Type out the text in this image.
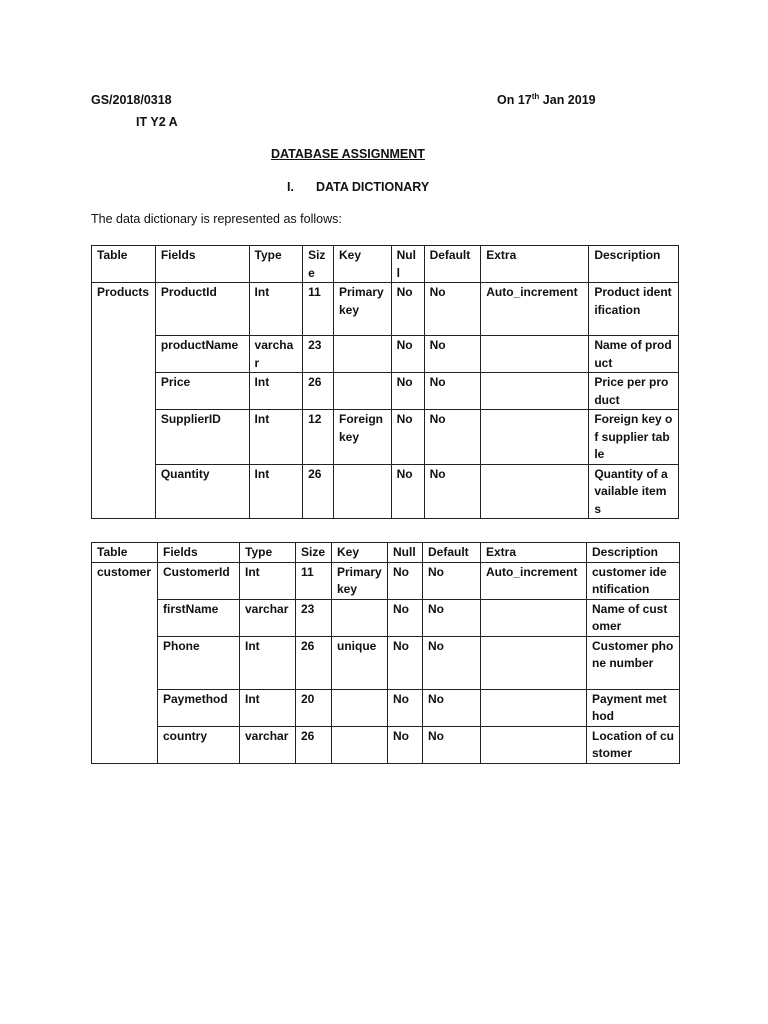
GS/2018/0318	On 17th Jan 2019
IT Y2 A
DATABASE ASSIGNMENT
I. DATA DICTIONARY
The data dictionary is represented as follows:
Table	Fields	Type	Size	Key	Null	Default	Extra	Description
Products	ProductId	Int	11	Primary key	No	No	Auto_increment	Product identification
	productName	varchar	23		No	No		Name of product
	Price	Int	26		No	No		Price per product
	SupplierID	Int	12	Foreign key	No	No		Foreign key of supplier table
	Quantity	Int	26		No	No		Quantity of available items
Table	Fields	Type	Size	Key	Null	Default	Extra	Description
customer	CustomerId	Int	11	Primary key	No	No	Auto_increment	customer identification
	firstName	varchar	23		No	No		Name of customer
	Phone	Int	26	unique	No	No		Customer phone number
	Paymethod	Int	20		No	No		Payment method
	country	varchar	26		No	No		Location of customer
